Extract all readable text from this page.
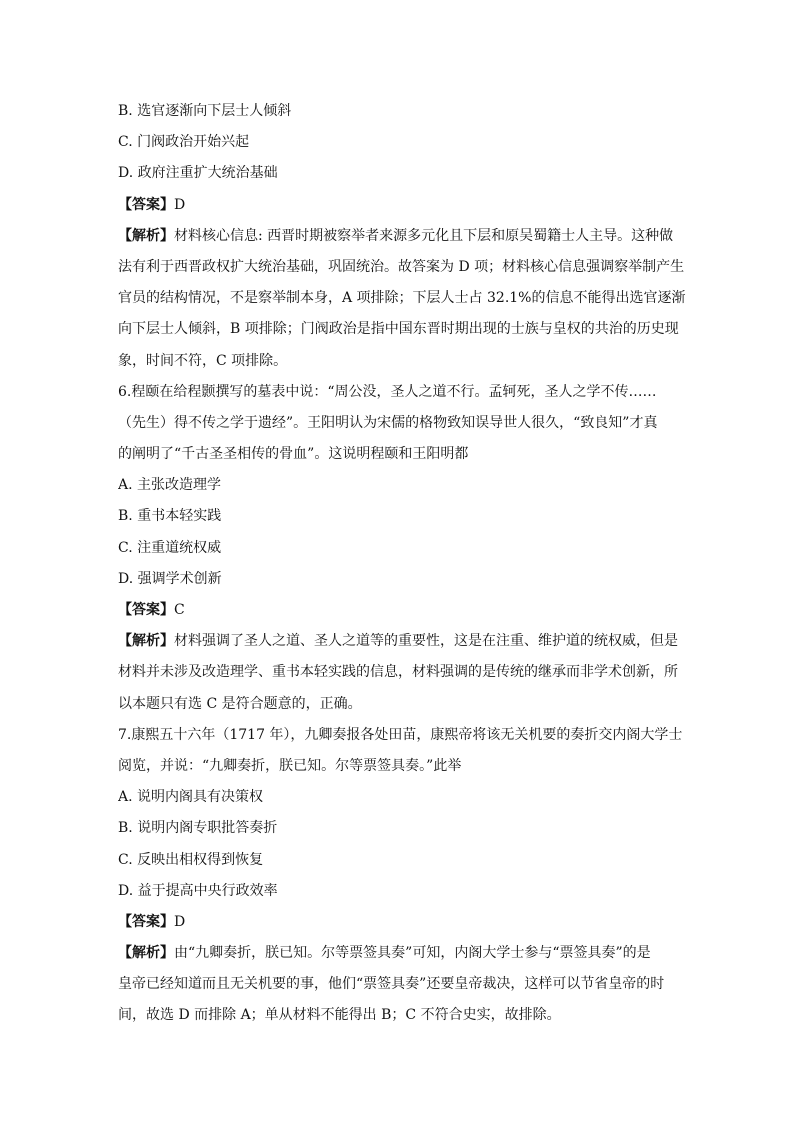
B. 选官逐渐向下层士人倾斜
C. 门阀政治开始兴起
D. 政府注重扩大统治基础
【答案】D
【解析】材料核心信息: 西晋时期被察举者来源多元化且下层和原吴蜀籍士人主导。这种做
法有利于西晋政权扩大统治基础，巩固统治。故答案为 D 项；材料核心信息强调察举制产生
官员的结构情况，不是察举制本身，A 项排除；下层人士占 32.1%的信息不能得出选官逐渐
向下层士人倾斜，B 项排除；门阀政治是指中国东晋时期出现的士族与皇权的共治的历史现
象，时间不符，C 项排除。
6.程颐在给程颢撰写的墓表中说：“周公没，圣人之道不行。孟轲死，圣人之学不传……
（先生）得不传之学于遗经”。王阳明认为宋儒的格物致知误导世人很久，“致良知”才真
的阐明了“千古圣圣相传的骨血”。这说明程颐和王阳明都
A. 主张改造理学
B. 重书本轻实践
C. 注重道统权威
D. 强调学术创新
【答案】C
【解析】材料强调了圣人之道、圣人之道等的重要性，这是在注重、维护道的统权威，但是
材料并未涉及改造理学、重书本轻实践的信息，材料强调的是传统的继承而非学术创新，所
以本题只有选 C 是符合题意的，正确。
7.康熙五十六年（1717 年），九卿奏报各处田苗，康熙帝将该无关机要的奏折交内阁大学士
阅览，并说：“九卿奏折，朕已知。尔等票签具奏。”此举
A. 说明内阁具有决策权
B. 说明内阁专职批答奏折
C. 反映出相权得到恢复
D. 益于提高中央行政效率
【答案】D
【解析】由“九卿奏折，朕已知。尔等票签具奏”可知，内阁大学士参与“票签具奏”的是
皇帝已经知道而且无关机要的事，他们“票签具奏”还要皇帝裁决，这样可以节省皇帝的时
间，故选 D 而排除 A；单从材料不能得出 B；C 不符合史实，故排除。
